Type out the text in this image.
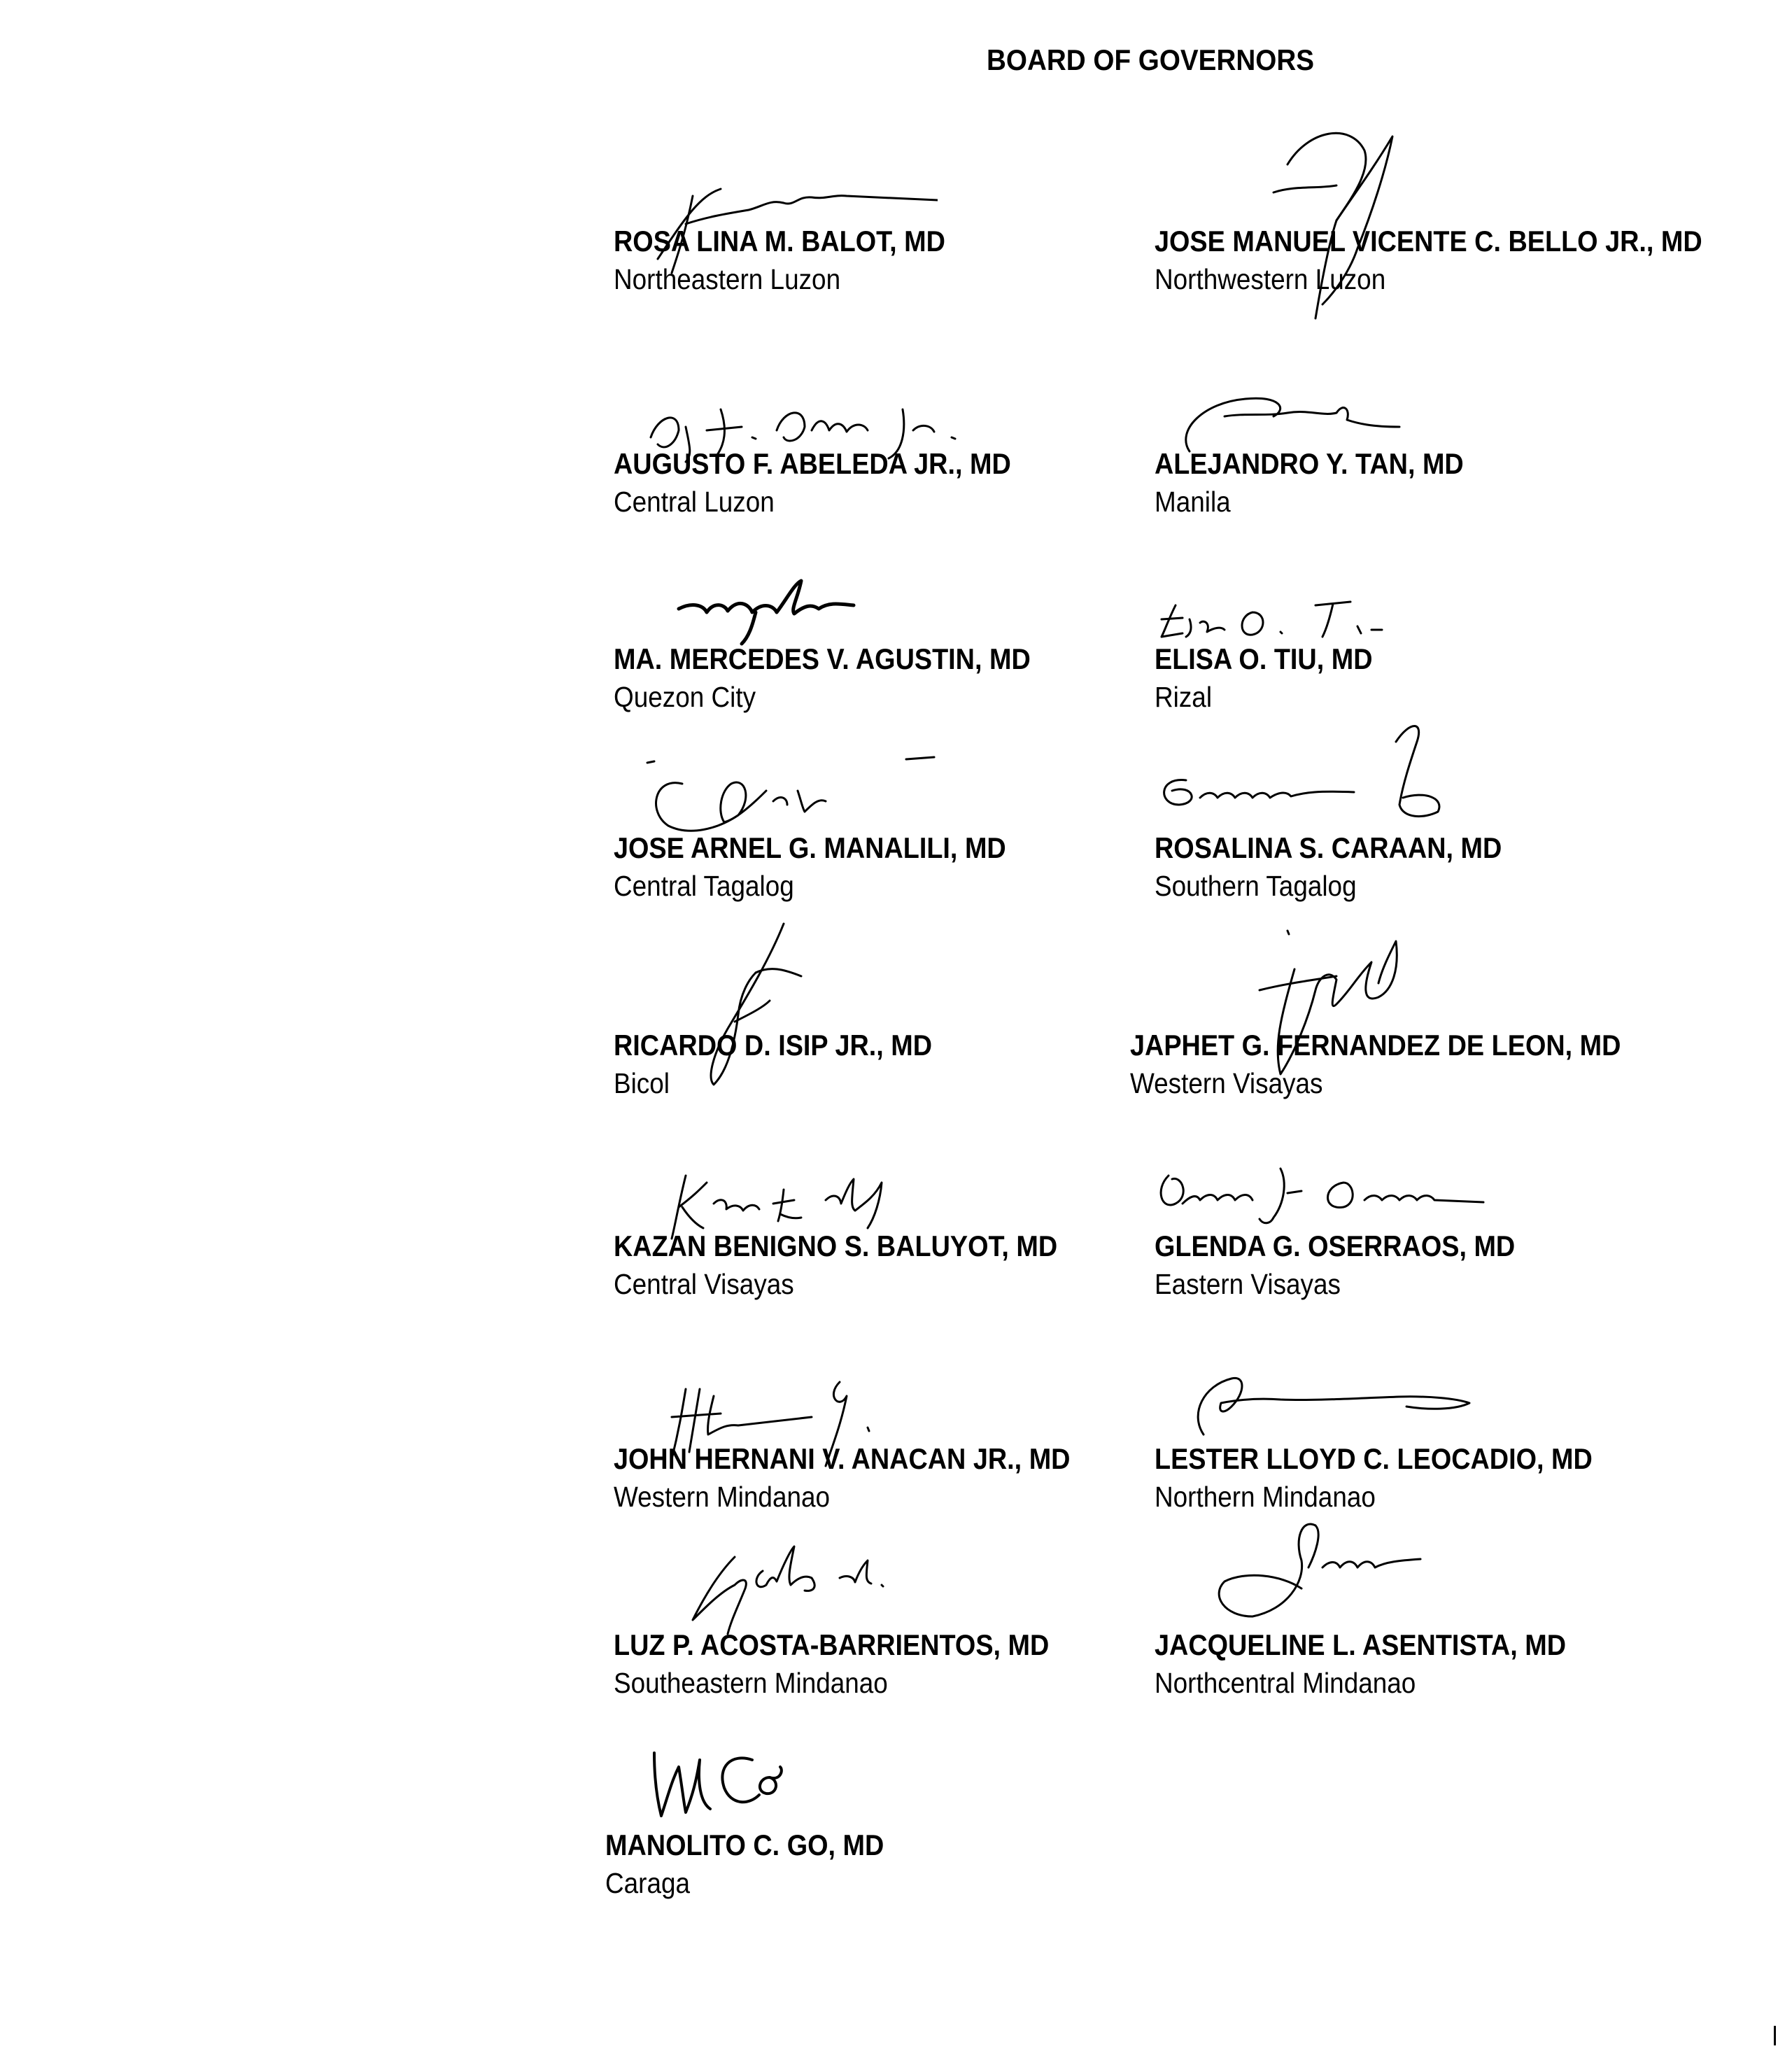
BOARD OF GOVERNORS
ROSA LINA M. BALOT, MD
Northeastern Luzon
JOSE MANUEL VICENTE C. BELLO JR., MD
Northwestern Luzon
AUGUSTO F. ABELEDA JR., MD
Central Luzon
ALEJANDRO Y. TAN, MD
Manila
MA. MERCEDES V. AGUSTIN, MD
Quezon City
ELISA O. TIU, MD
Rizal
JOSE ARNEL G. MANALILI, MD
Central Tagalog
ROSALINA S. CARAAN, MD
Southern Tagalog
RICARDO D. ISIP JR., MD
Bicol
JAPHET G. FERNANDEZ DE LEON, MD
Western Visayas
KAZAN BENIGNO S. BALUYOT, MD
Central Visayas
GLENDA G. OSERRAOS, MD
Eastern Visayas
JOHN HERNANI V. ANACAN JR., MD
Western Mindanao
LESTER LLOYD C. LEOCADIO, MD
Northern Mindanao
LUZ P. ACOSTA-BARRIENTOS, MD
Southeastern Mindanao
JACQUELINE L. ASENTISTA, MD
Northcentral Mindanao
MANOLITO C. GO, MD
Caraga
